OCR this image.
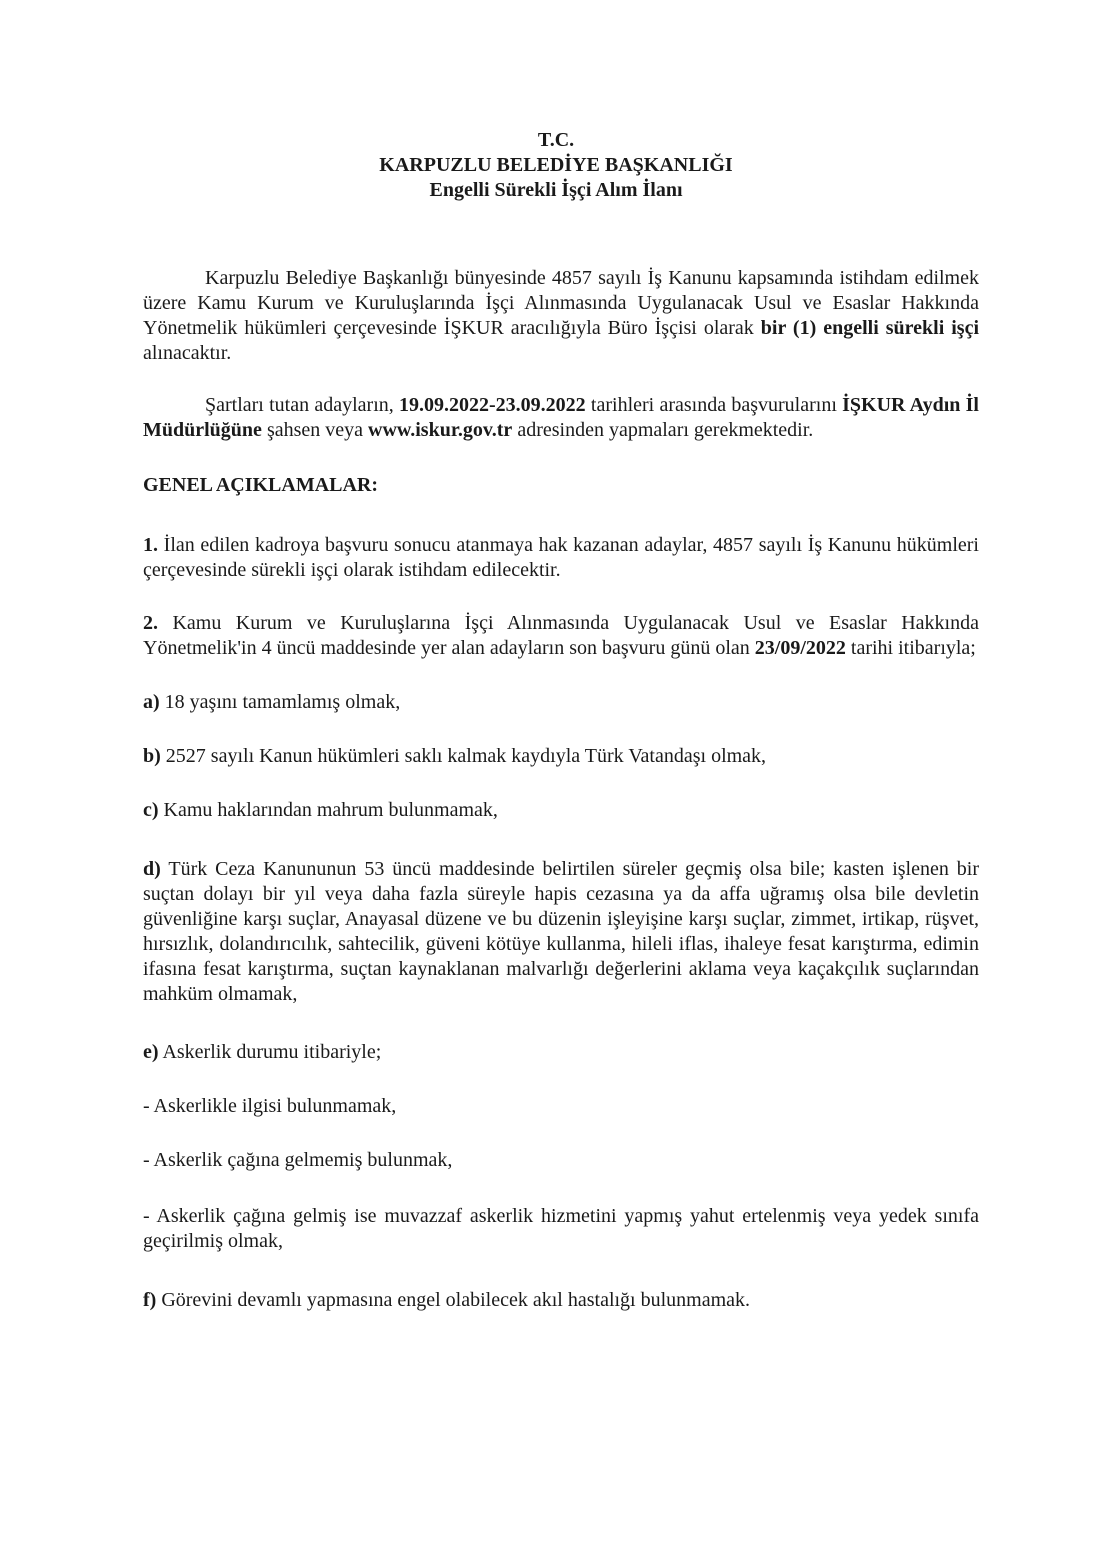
T.C.
KARPUZLU BELEDİYE BAŞKANLIĞI
Engelli Sürekli İşçi Alım İlanı

Karpuzlu Belediye Başkanlığı bünyesinde 4857 sayılı İş Kanunu kapsamında istihdam edilmek üzere Kamu Kurum ve Kuruluşlarında İşçi Alınmasında Uygulanacak Usul ve Esaslar Hakkında Yönetmelik hükümleri çerçevesinde İŞKUR aracılığıyla Büro İşçisi olarak bir (1) engelli sürekli işçi alınacaktır.

Şartları tutan adayların, 19.09.2022-23.09.2022 tarihleri arasında başvurularını İŞKUR Aydın İl Müdürlüğüne şahsen veya www.iskur.gov.tr adresinden yapmaları gerekmektedir.

GENEL AÇIKLAMALAR:

1. İlan edilen kadroya başvuru sonucu atanmaya hak kazanan adaylar, 4857 sayılı İş Kanunu hükümleri çerçevesinde sürekli işçi olarak istihdam edilecektir.

2. Kamu Kurum ve Kuruluşlarına İşçi Alınmasında Uygulanacak Usul ve Esaslar Hakkında Yönetmelik'in 4 üncü maddesinde yer alan adayların son başvuru günü olan 23/09/2022 tarihi itibarıyla;

a) 18 yaşını tamamlamış olmak,

b) 2527 sayılı Kanun hükümleri saklı kalmak kaydıyla Türk Vatandaşı olmak,

c) Kamu haklarından mahrum bulunmamak,

d) Türk Ceza Kanununun 53 üncü maddesinde belirtilen süreler geçmiş olsa bile; kasten işlenen bir suçtan dolayı bir yıl veya daha fazla süreyle hapis cezasına ya da affa uğramış olsa bile devletin güvenliğine karşı suçlar, Anayasal düzene ve bu düzenin işleyişine karşı suçlar, zimmet, irtikap, rüşvet, hırsızlık, dolandırıcılık, sahtecilik, güveni kötüye kullanma, hileli iflas, ihaleye fesat karıştırma, edimin ifasına fesat karıştırma, suçtan kaynaklanan malvarlığı değerlerini aklama veya kaçakçılık suçlarından mahküm olmamak,

e) Askerlik durumu itibariyle;

- Askerlikle ilgisi bulunmamak,

- Askerlik çağına gelmemiş bulunmak,

- Askerlik çağına gelmiş ise muvazzaf askerlik hizmetini yapmış yahut ertelenmiş veya yedek sınıfa geçirilmiş olmak,

f) Görevini devamlı yapmasına engel olabilecek akıl hastalığı bulunmamak.
